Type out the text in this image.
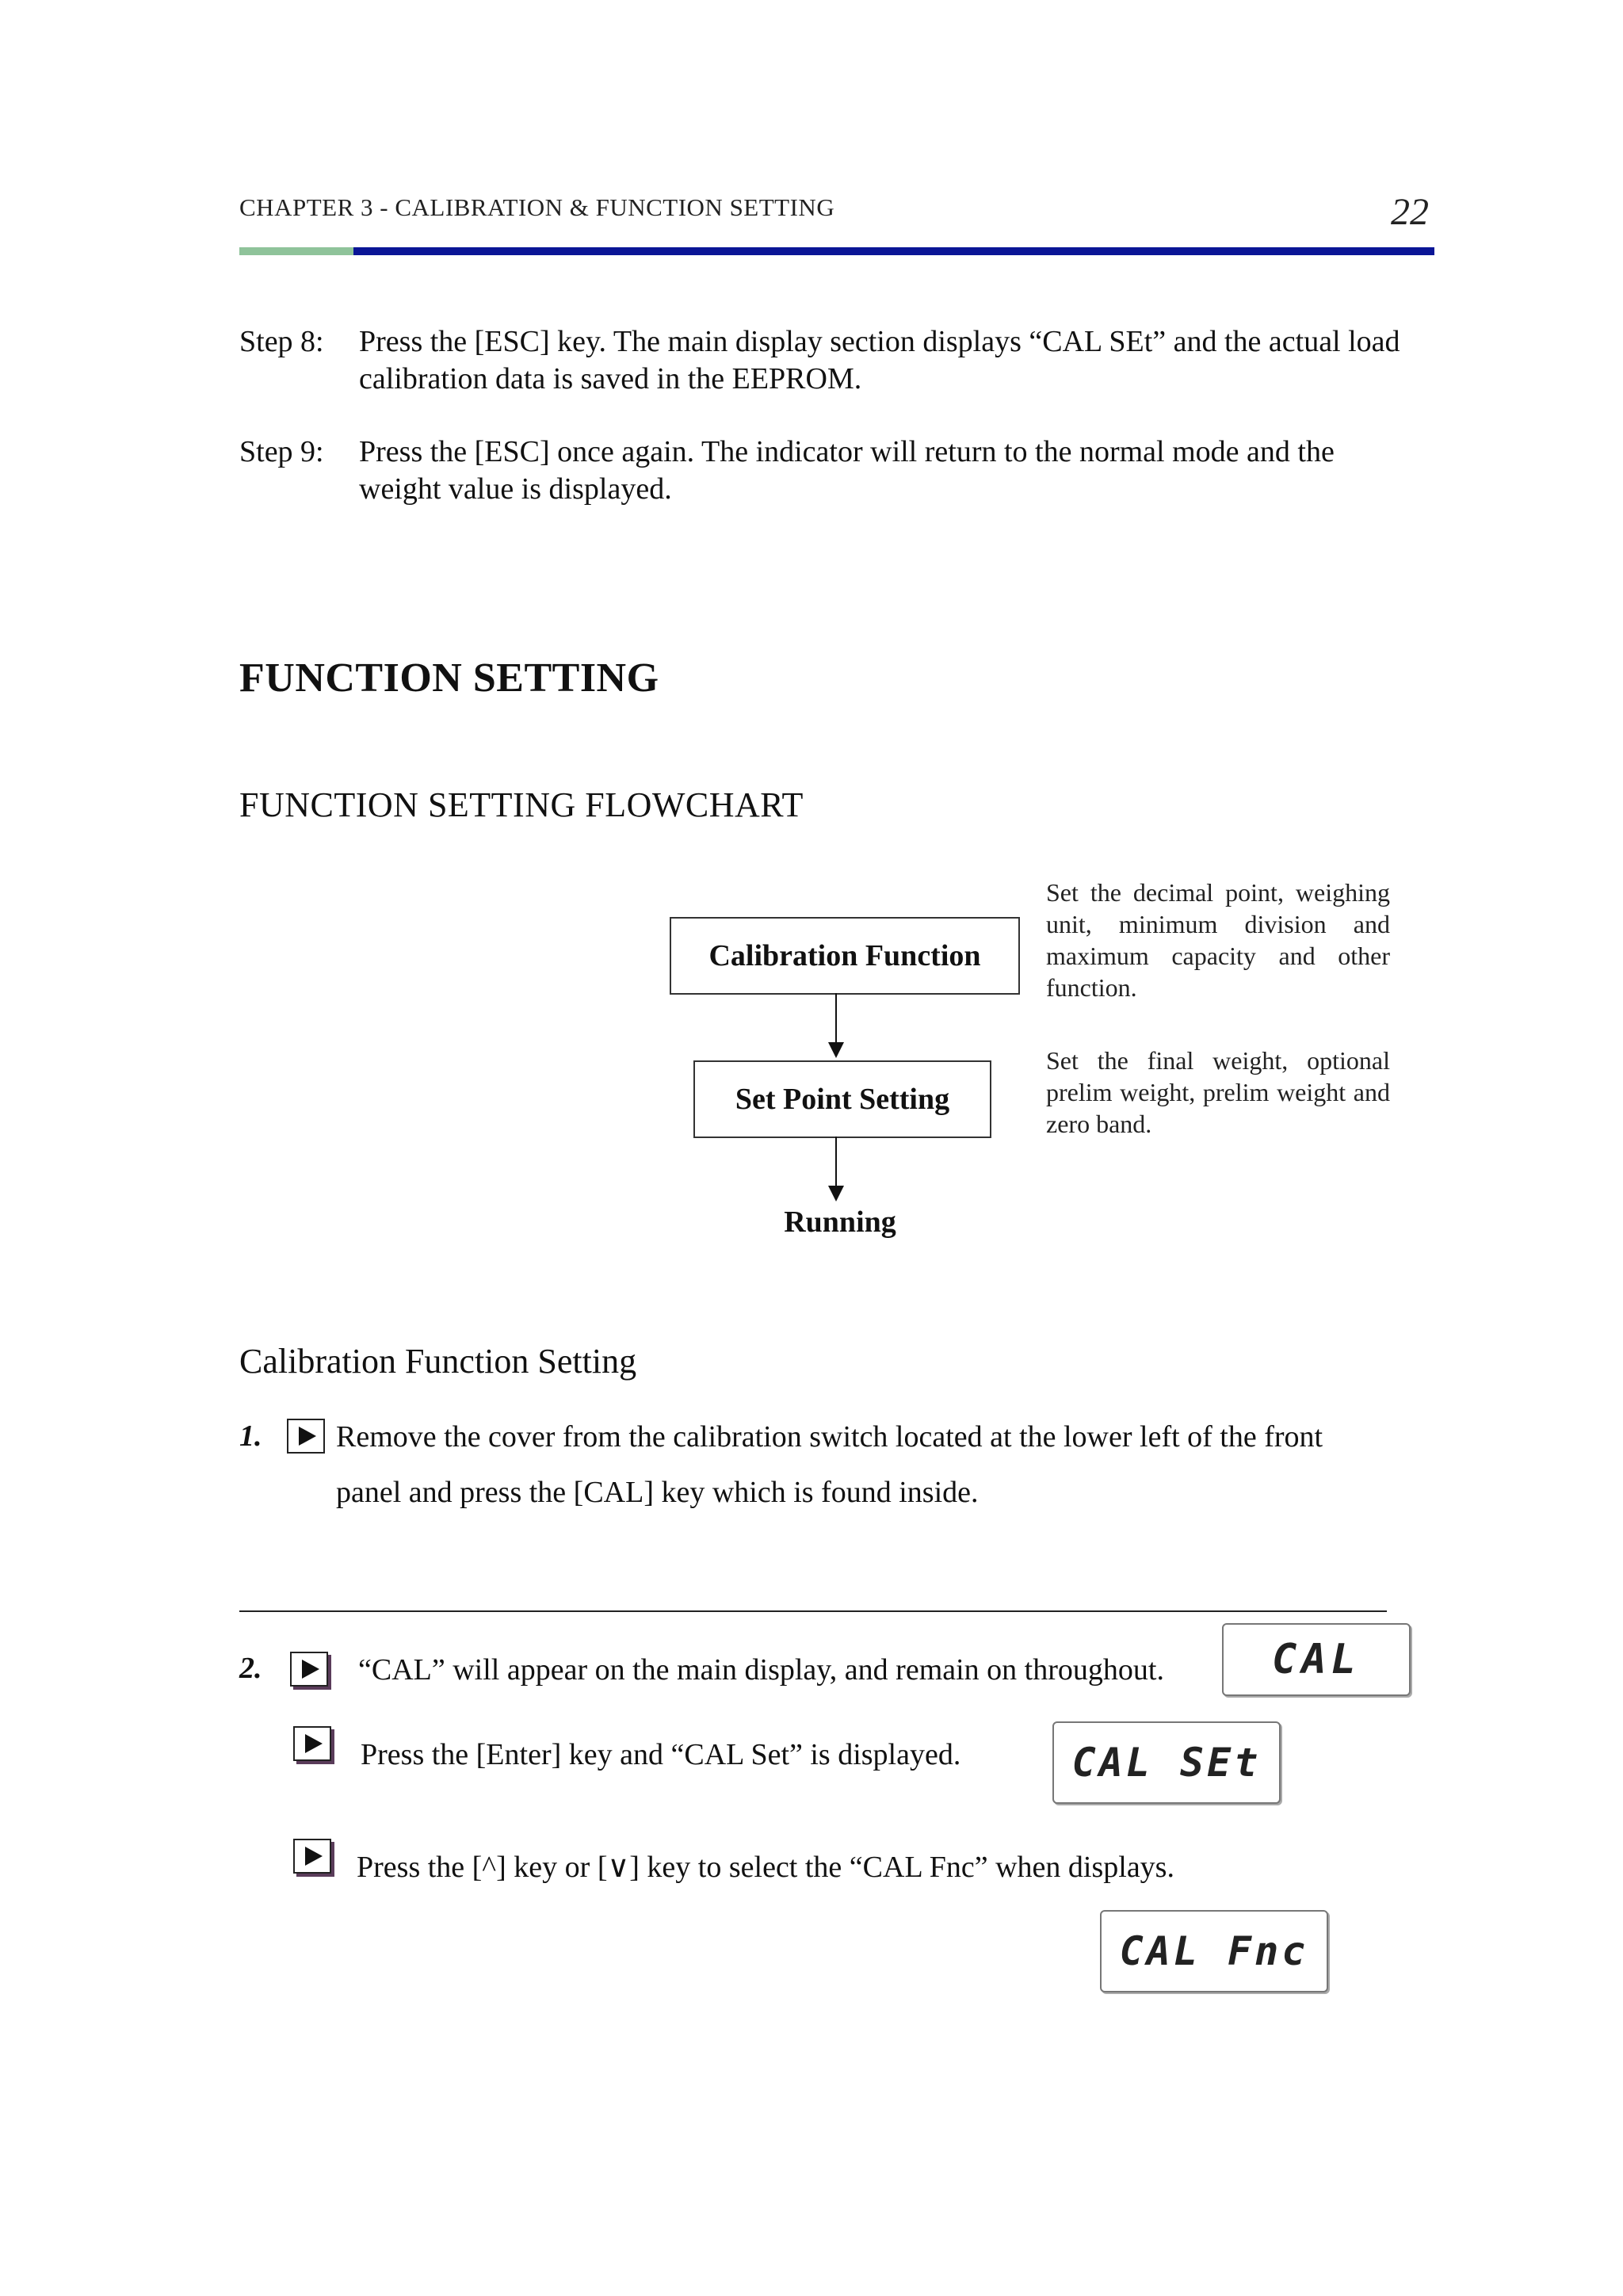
CHAPTER 3 - CALIBRATION & FUNCTION SETTING	22
Step 8: Press the [ESC] key. The main display section displays “CAL SEt” and the actual load calibration data is saved in the EEPROM.
Step 9: Press the [ESC] once again. The indicator will return to the normal mode and the weight value is displayed.
FUNCTION SETTING
FUNCTION SETTING FLOWCHART
Calibration Function
Set Point Setting
Running
Set the decimal point, weighing unit, minimum division and maximum capacity and other function.
Set the final weight, optional prelim weight, prelim weight and zero band.
Calibration Function Setting
1. Remove the cover from the calibration switch located at the lower left of the front panel and press the [CAL] key which is found inside.
2.	“CAL” will appear on the main display, and remain on throughout.	CAL
Press the [Enter] key and “CAL Set” is displayed.	CAL SEt
Press the [^] key or [∨] key to select the “CAL Fnc” when displays.
CAL Fnc
